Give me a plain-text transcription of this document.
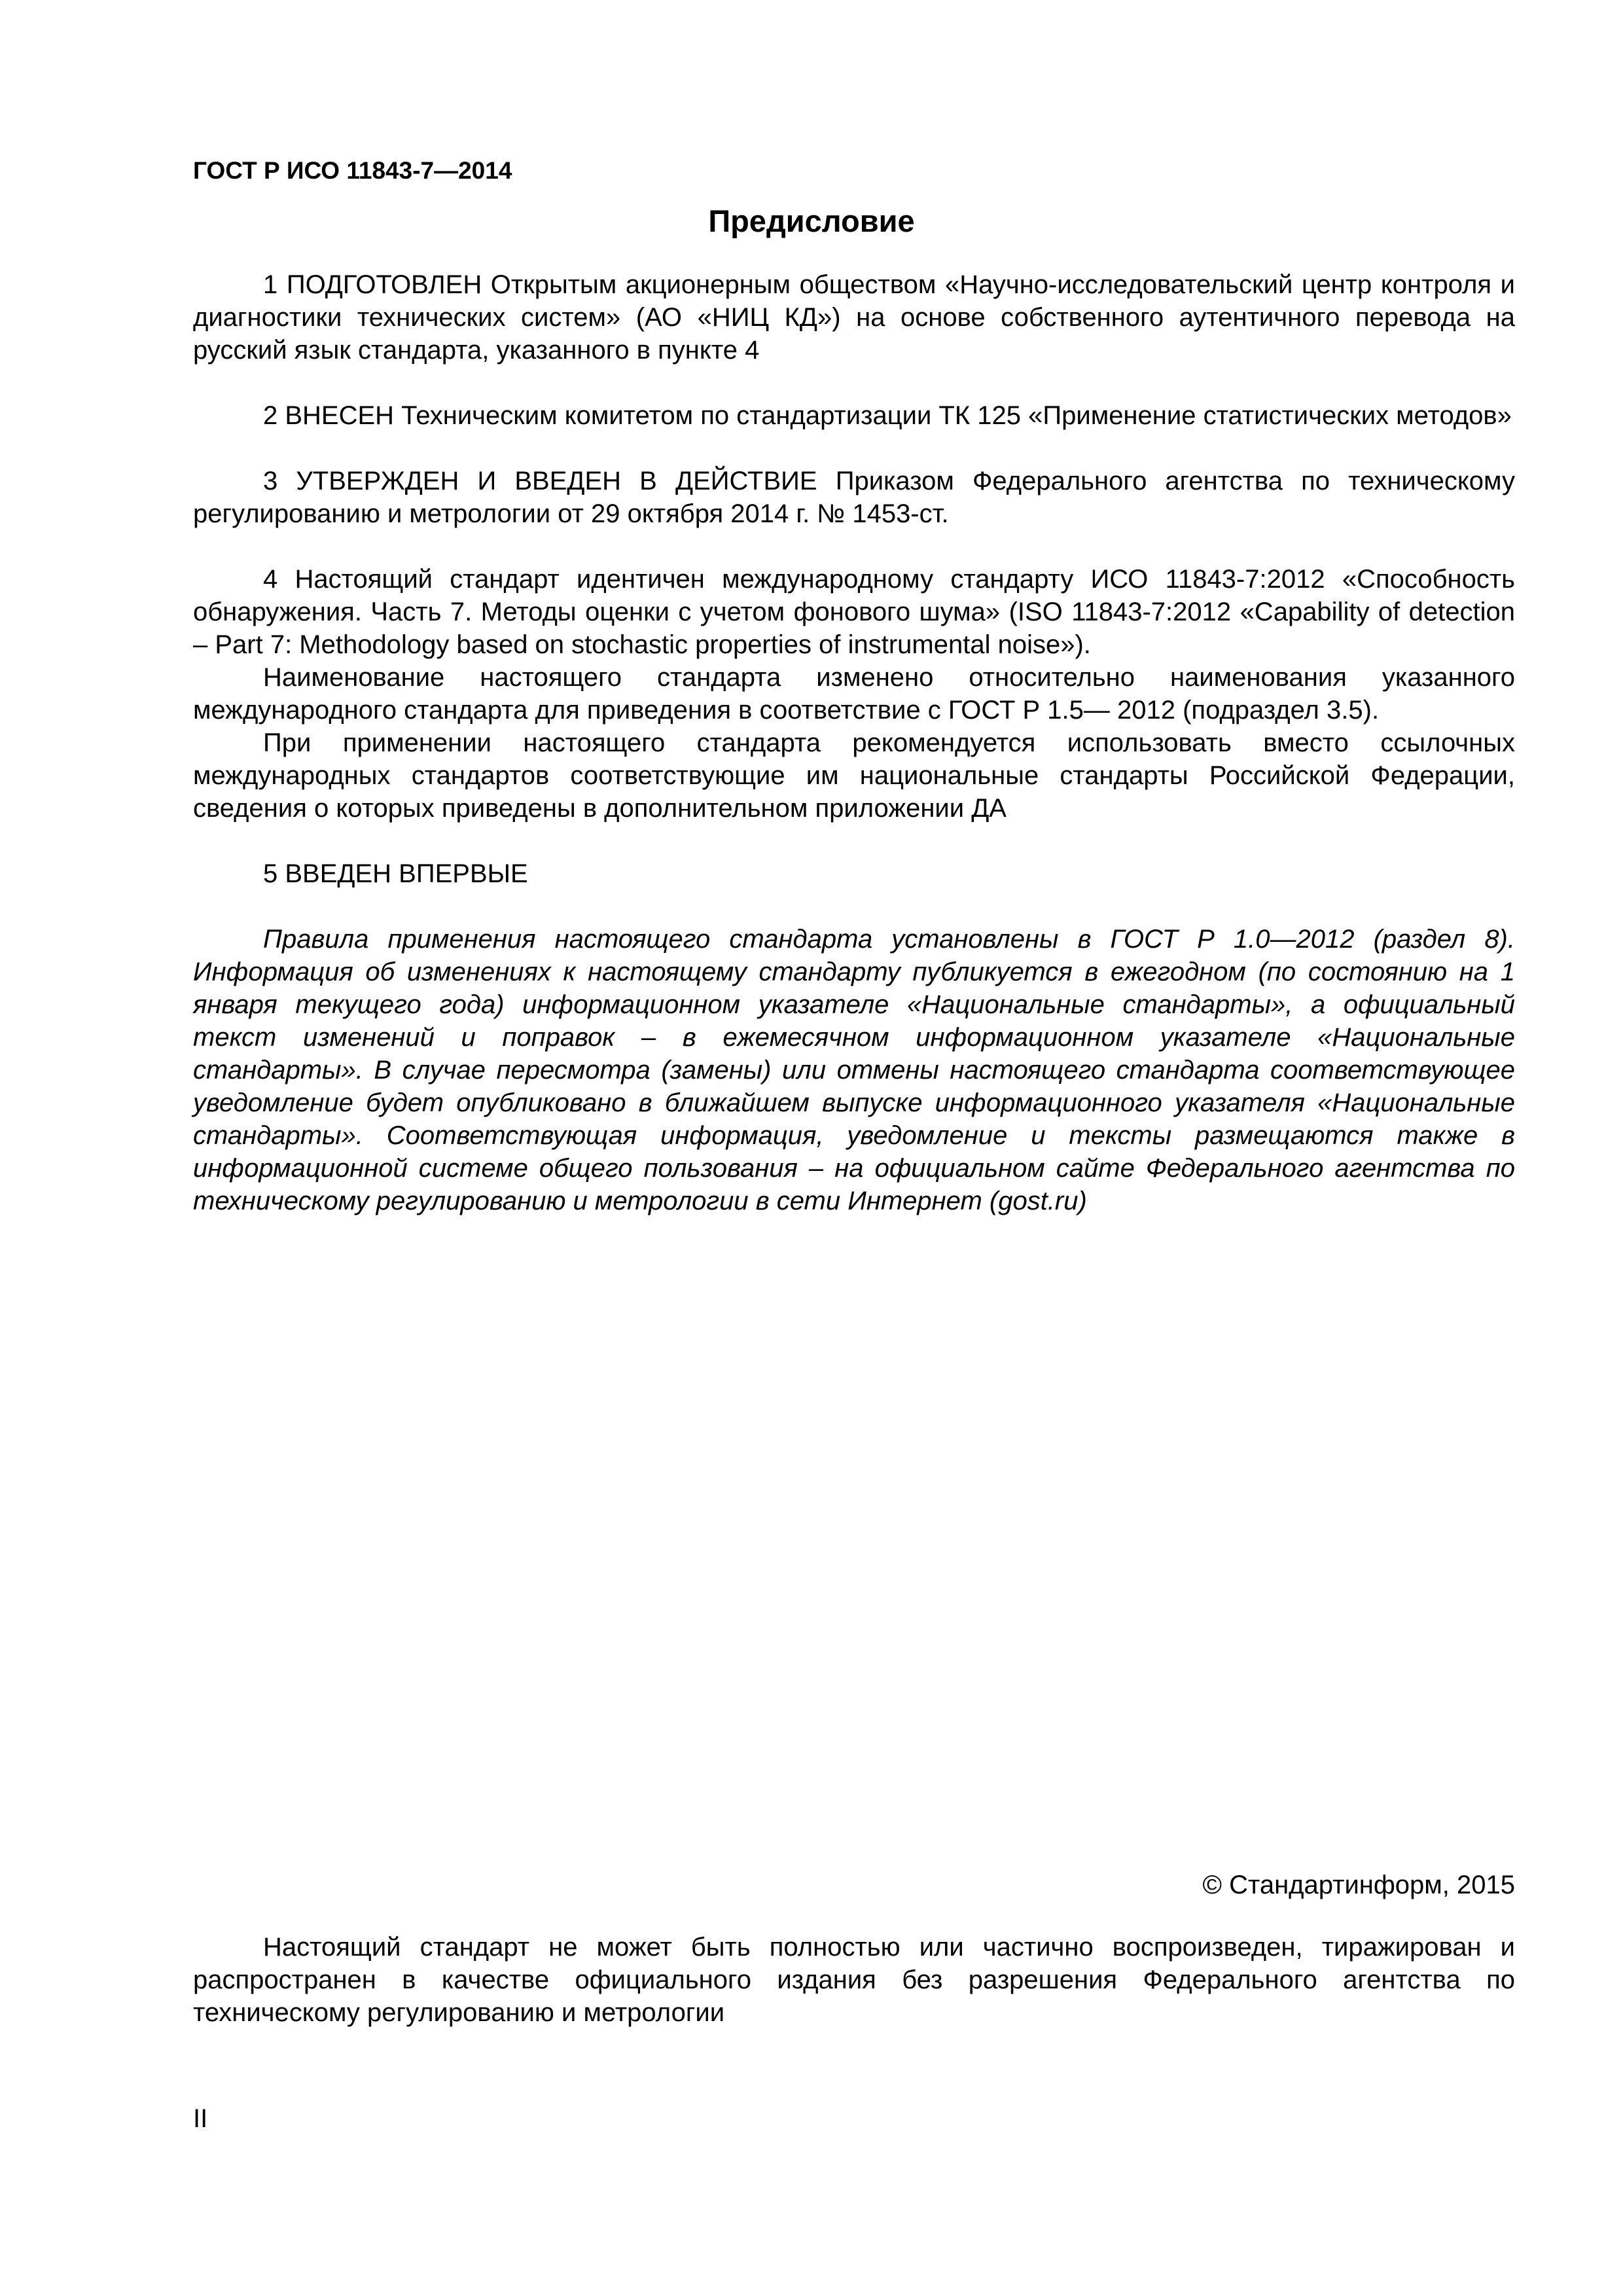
ГОСТ Р ИСО 11843-7—2014
Предисловие

1 ПОДГОТОВЛЕН Открытым акционерным обществом «Научно-исследовательский центр контроля и диагностики технических систем» (АО «НИЦ КД») на основе собственного аутентичного перевода на русский язык стандарта, указанного в пункте 4

2 ВНЕСЕН Техническим комитетом по стандартизации ТК 125 «Применение статистических методов»

3 УТВЕРЖДЕН И ВВЕДЕН В ДЕЙСТВИЕ Приказом Федерального агентства по техническому регулированию и метрологии от 29 октября 2014 г. № 1453-ст.

4 Настоящий стандарт идентичен международному стандарту ИСО 11843-7:2012 «Способность обнаружения. Часть 7. Методы оценки с учетом фонового шума» (ISO 11843-7:2012 «Capability of detection – Part 7: Methodology based on stochastic properties of instrumental noise»).

Наименование настоящего стандарта изменено относительно наименования указанного международного стандарта для приведения в соответствие с ГОСТ Р 1.5— 2012 (подраздел 3.5).

При применении настоящего стандарта рекомендуется использовать вместо ссылочных международных стандартов соответствующие им национальные стандарты Российской Федерации, сведения о которых приведены в дополнительном приложении ДА

5 ВВЕДЕН ВПЕРВЫЕ

Правила применения настоящего стандарта установлены в ГОСТ Р 1.0—2012 (раздел 8). Информация об изменениях к настоящему стандарту публикуется в ежегодном (по состоянию на 1 января текущего года) информационном указателе «Национальные стандарты», а официальный текст изменений и поправок – в ежемесячном информационном указателе «Национальные стандарты». В случае пересмотра (замены) или отмены настоящего стандарта соответствующее уведомление будет опубликовано в ближайшем выпуске информационного указателя «Национальные стандарты». Соответствующая информация, уведомление и тексты размещаются также в информационной системе общего пользования – на официальном сайте Федерального агентства по техническому регулированию и метрологии в сети Интернет (gost.ru)

© Стандартинформ, 2015

Настоящий стандарт не может быть полностью или частично воспроизведен, тиражирован и распространен в качестве официального издания без разрешения Федерального агентства по техническому регулированию и метрологии

II
